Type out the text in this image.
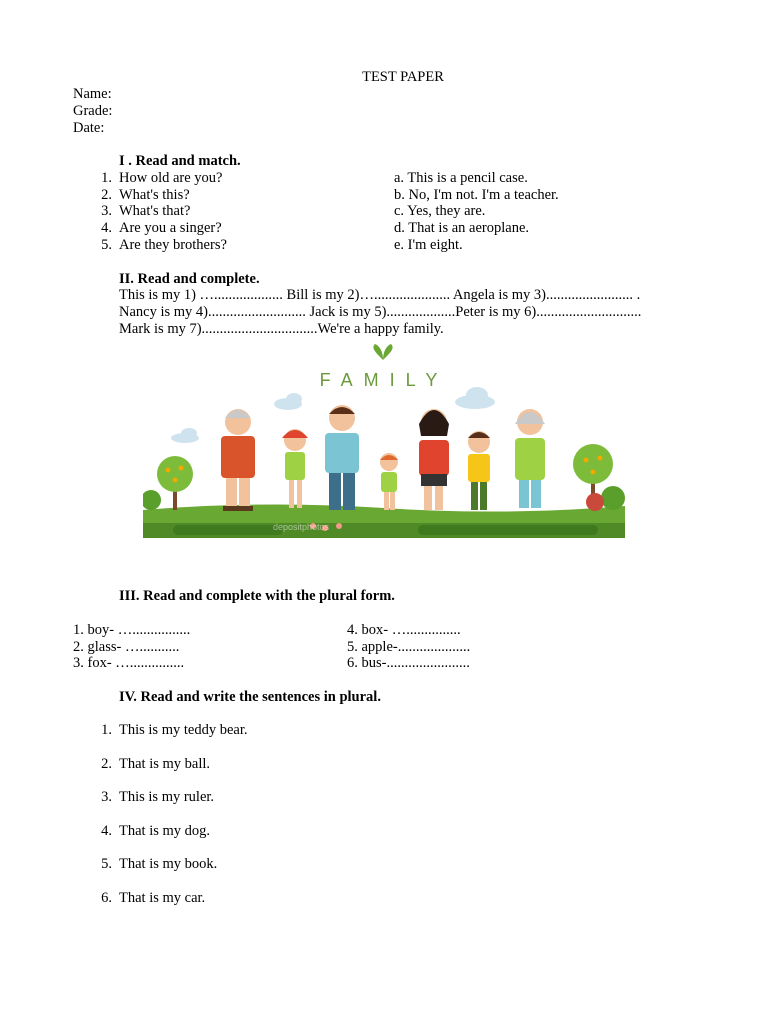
TEST PAPER
Name:
Grade:
Date:
I . Read and match.
1. How old are you?
2. What's this?
3. What's that?
4. Are you a singer?
5. Are they brothers?
a. This is a pencil case.
b. No, I'm not. I'm a teacher.
c. Yes, they are.
d. That is an aeroplane.
e. I'm eight.
II. Read and complete.
This is my 1) …................... Bill is my 2)…..................... Angela is my 3)........................ .
Nancy is my 4)........................... Jack is my 5)...................Peter is my 6).............................
Mark is my 7)................................We're a happy family.
FAMILY
depositphotos
III. Read and complete with the plural form.
1. boy- …................
2. glass- …...........
3. fox- …...............
4. box- …...............
5. apple-....................
6. bus-.......................
IV. Read and write the sentences in plural.
1. This is my teddy bear.
2. That is my ball.
3. This is my ruler.
4. That is my dog.
5. That is my book.
6. That is my car.
